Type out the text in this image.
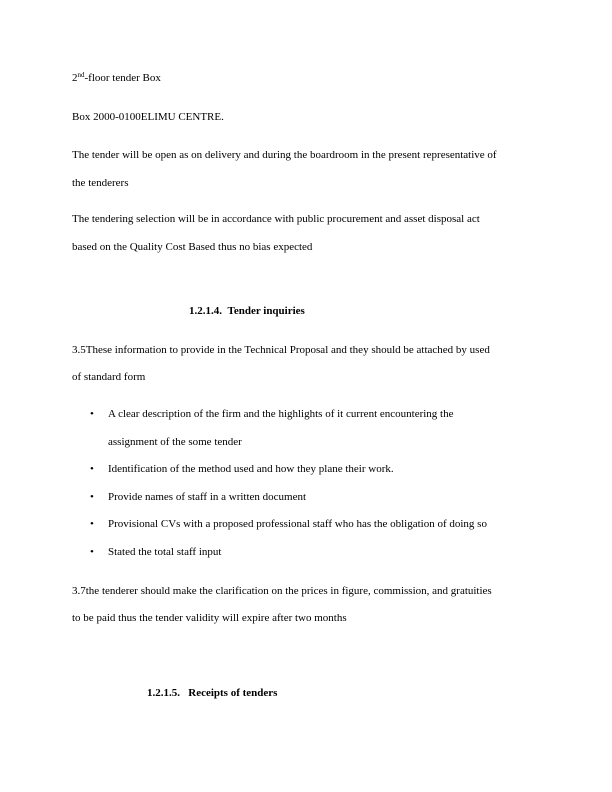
2nd-floor tender Box
Box 2000-0100ELIMU CENTRE.
The tender will be open as on delivery and during the boardroom in the present representative of
the tenderers
The tendering selection will be in accordance with public procurement and asset disposal act
based on the Quality Cost Based thus no bias expected
1.2.1.4. Tender inquiries
3.5These information to provide in the Technical Proposal and they should be attached by used
of standard form
• A clear description of the firm and the highlights of it current encountering the
assignment of the some tender
• Identification of the method used and how they plane their work.
• Provide names of staff in a written document
• Provisional CVs with a proposed professional staff who has the obligation of doing so
• Stated the total staff input
3.7the tenderer should make the clarification on the prices in figure, commission, and gratuities
to be paid thus the tender validity will expire after two months
1.2.1.5. Receipts of tenders
